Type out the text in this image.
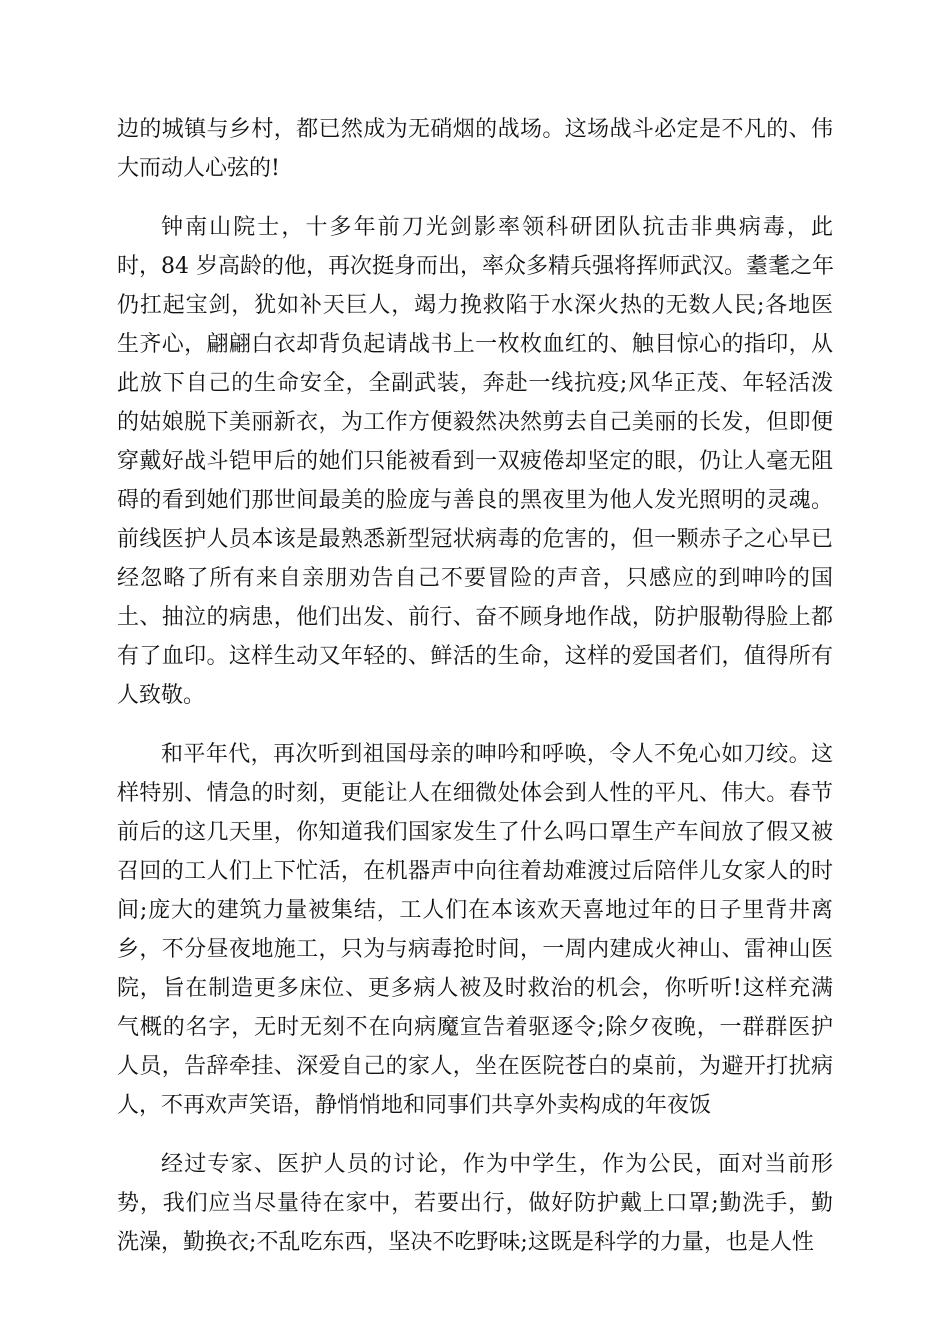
边的城镇与乡村，都已然成为无硝烟的战场。这场战斗必定是不凡的、伟
大而动人心弦的!
钟南山院士，十多年前刀光剑影率领科研团队抗击非典病毒，此
时，84 岁高龄的他，再次挺身而出，率众多精兵强将挥师武汉。耋耄之年
仍扛起宝剑，犹如补天巨人，竭力挽救陷于水深火热的无数人民;各地医
生齐心，翩翩白衣却背负起请战书上一枚枚血红的、触目惊心的指印，从
此放下自己的生命安全，全副武装，奔赴一线抗疫;风华正茂、年轻活泼
的姑娘脱下美丽新衣，为工作方便毅然决然剪去自己美丽的长发，但即便
穿戴好战斗铠甲后的她们只能被看到一双疲倦却坚定的眼，仍让人毫无阻
碍的看到她们那世间最美的脸庞与善良的黑夜里为他人发光照明的灵魂。
前线医护人员本该是最熟悉新型冠状病毒的危害的，但一颗赤子之心早已
经忽略了所有来自亲朋劝告自己不要冒险的声音，只感应的到呻吟的国
土、抽泣的病患，他们出发、前行、奋不顾身地作战，防护服勒得脸上都
有了血印。这样生动又年轻的、鲜活的生命，这样的爱国者们，值得所有
人致敬。
和平年代，再次听到祖国母亲的呻吟和呼唤，令人不免心如刀绞。这
样特别、情急的时刻，更能让人在细微处体会到人性的平凡、伟大。春节
前后的这几天里，你知道我们国家发生了什么吗口罩生产车间放了假又被
召回的工人们上下忙活，在机器声中向往着劫难渡过后陪伴儿女家人的时
间;庞大的建筑力量被集结，工人们在本该欢天喜地过年的日子里背井离
乡，不分昼夜地施工，只为与病毒抢时间，一周内建成火神山、雷神山医
院，旨在制造更多床位、更多病人被及时救治的机会，你听听!这样充满
气概的名字，无时无刻不在向病魔宣告着驱逐令;除夕夜晚，一群群医护
人员，告辞牵挂、深爱自己的家人，坐在医院苍白的桌前，为避开打扰病
人，不再欢声笑语，静悄悄地和同事们共享外卖构成的年夜饭
经过专家、医护人员的讨论，作为中学生，作为公民，面对当前形
势，我们应当尽量待在家中，若要出行，做好防护戴上口罩;勤洗手，勤
洗澡，勤换衣;不乱吃东西，坚决不吃野味;这既是科学的力量，也是人性
